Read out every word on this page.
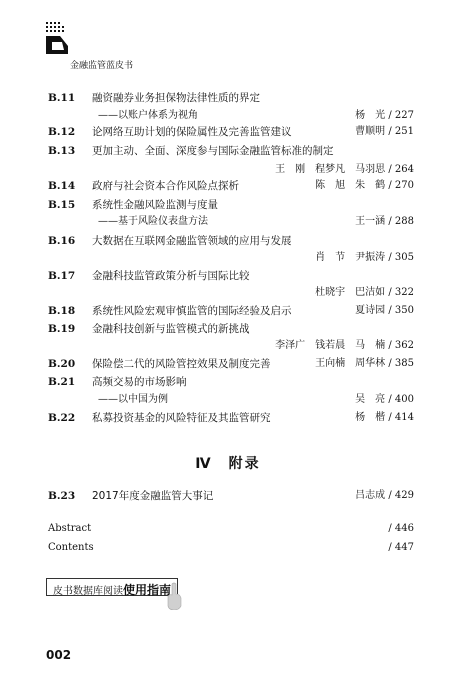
金融监管蓝皮书
B.11 融资融券业务担保物法律性质的界定
——以账户体系为视角	杨　光 / 227
B.12 论网络互助计划的保险属性及完善监管建议	曹顺明 / 251
B.13 更加主动、全面、深度参与国际金融监管标准的制定
王　刚　程梦凡　马羽思 / 264
B.14 政府与社会资本合作风险点探析	陈　旭　朱　鹤 / 270
B.15 系统性金融风险监测与度量
——基于风险仪表盘方法	王一涵 / 288
B.16 大数据在互联网金融监管领域的应用与发展
肖　节　尹振涛 / 305
B.17 金融科技监管政策分析与国际比较
杜晓宇　巴洁如 / 322
B.18 系统性风险宏观审慎监管的国际经验及启示	夏诗园 / 350
B.19 金融科技创新与监管模式的新挑战
李泽广　钱若晨　马　楠 / 362
B.20 保险偿二代的风险管控效果及制度完善	王向楠　周华林 / 385
B.21 高频交易的市场影响
——以中国为例	吴　亮 / 400
B.22 私募投资基金的风险特征及其监管研究	杨　楷 / 414
Ⅳ　附录
B.23 2017年度金融监管大事记	吕志成 / 429
Abstract	/ 446
Contents	/ 447
皮书数据库阅读使用指南
002
